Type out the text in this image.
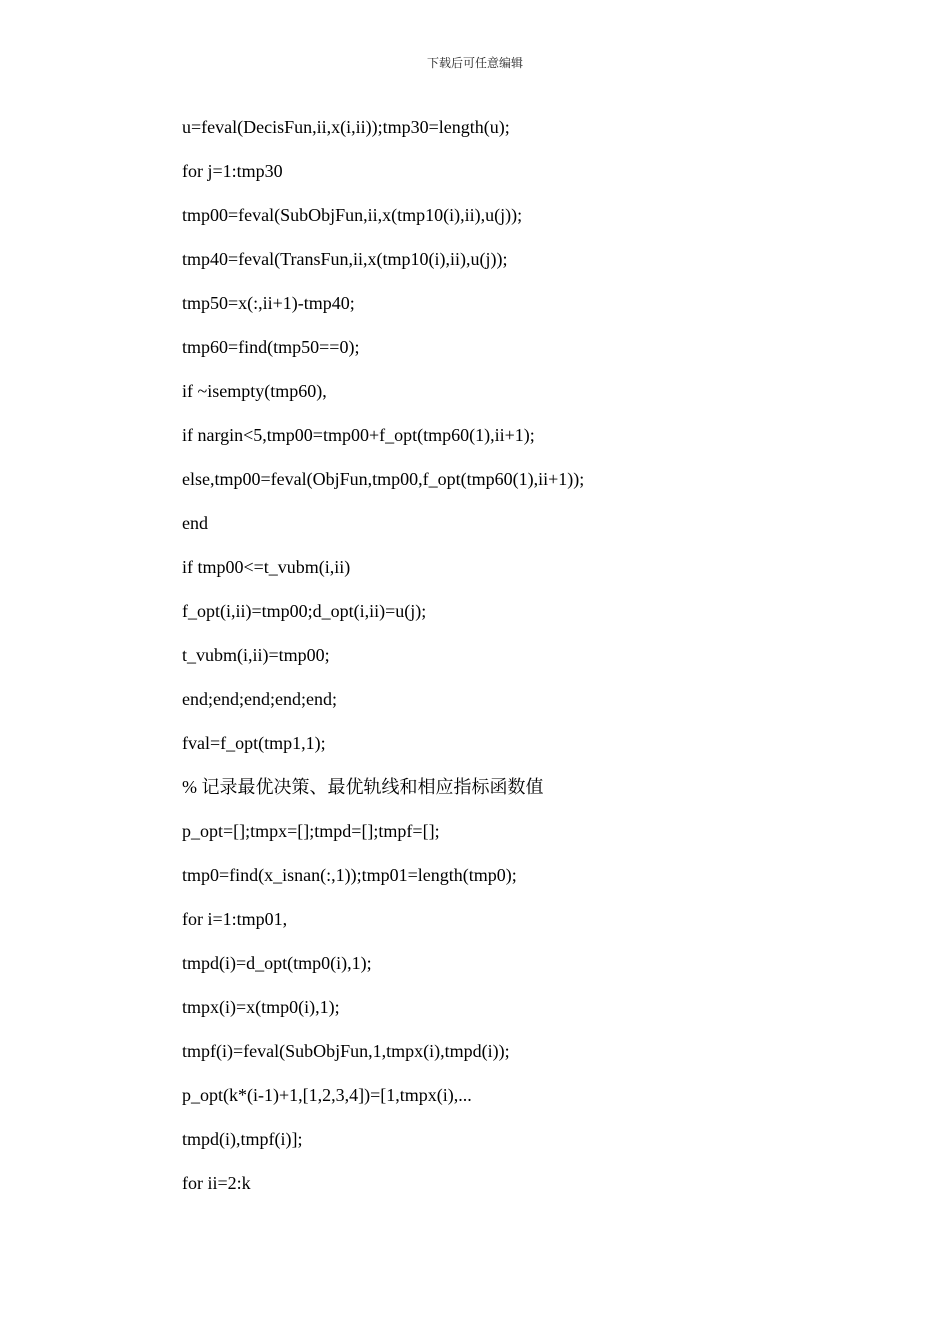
下载后可任意编辑
u=feval(DecisFun,ii,x(i,ii));tmp30=length(u);
for j=1:tmp30
tmp00=feval(SubObjFun,ii,x(tmp10(i),ii),u(j));
tmp40=feval(TransFun,ii,x(tmp10(i),ii),u(j));
tmp50=x(:,ii+1)-tmp40;
tmp60=find(tmp50==0);
if ~isempty(tmp60),
if nargin<5,tmp00=tmp00+f_opt(tmp60(1),ii+1);
else,tmp00=feval(ObjFun,tmp00,f_opt(tmp60(1),ii+1));
end
if tmp00<=t_vubm(i,ii)
f_opt(i,ii)=tmp00;d_opt(i,ii)=u(j);
t_vubm(i,ii)=tmp00;
end;end;end;end;end;
fval=f_opt(tmp1,1);
% 记录最优决策、最优轨线和相应指标函数值
p_opt=[];tmpx=[];tmpd=[];tmpf=[];
tmp0=find(x_isnan(:,1));tmp01=length(tmp0);
for i=1:tmp01,
tmpd(i)=d_opt(tmp0(i),1);
tmpx(i)=x(tmp0(i),1);
tmpf(i)=feval(SubObjFun,1,tmpx(i),tmpd(i));
p_opt(k*(i-1)+1,[1,2,3,4])=[1,tmpx(i),...
tmpd(i),tmpf(i)];
for ii=2:k
